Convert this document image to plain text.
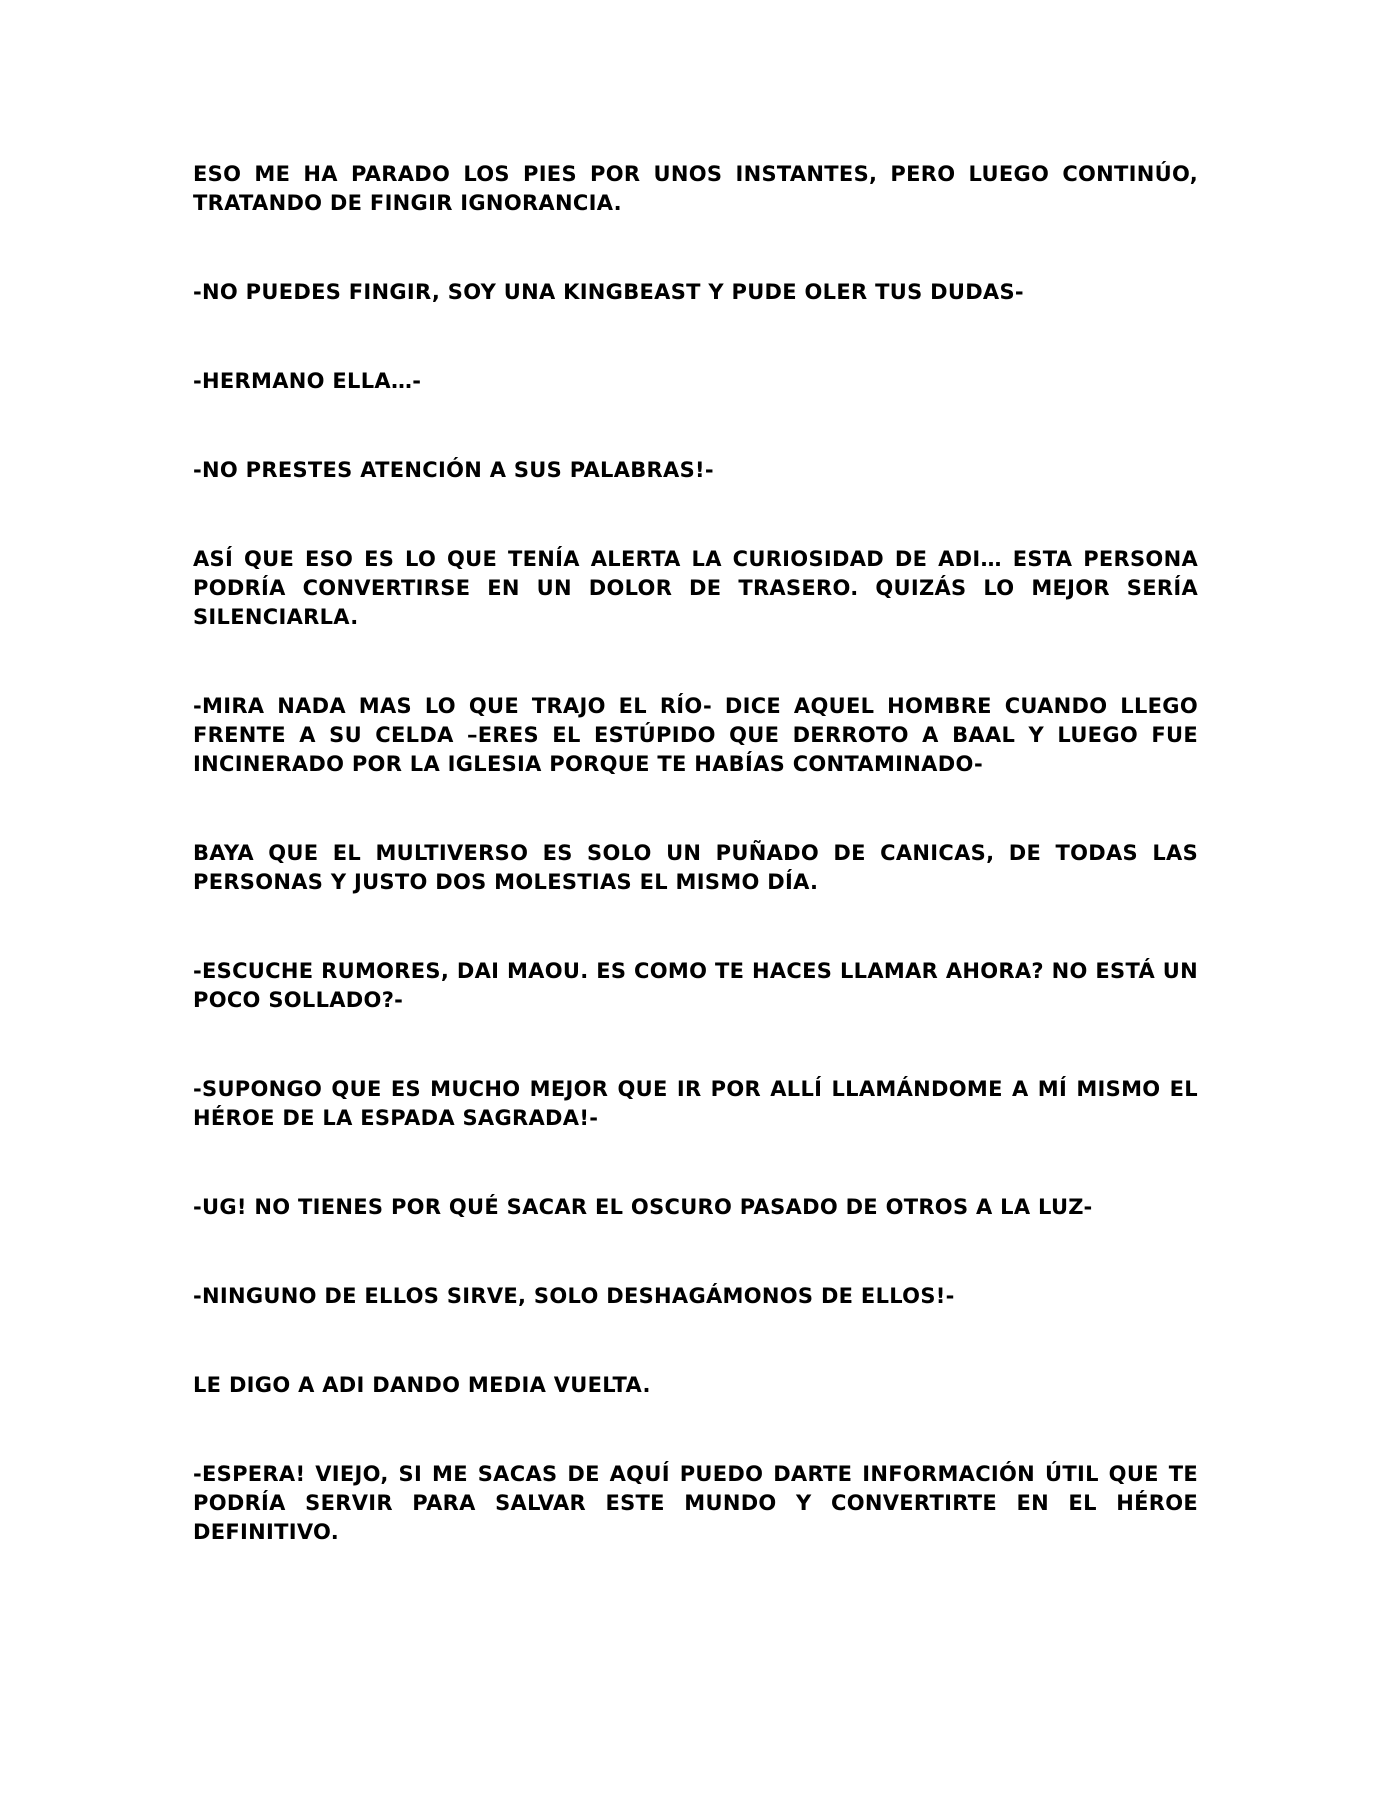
ESO ME HA PARADO LOS PIES POR UNOS INSTANTES, PERO LUEGO CONTINÚO, TRATANDO DE FINGIR IGNORANCIA.

-NO PUEDES FINGIR, SOY UNA KINGBEAST Y PUDE OLER TUS DUDAS-

-HERMANO ELLA…-

-NO PRESTES ATENCIÓN A SUS PALABRAS!-

ASÍ QUE ESO ES LO QUE TENÍA ALERTA LA CURIOSIDAD DE ADI… ESTA PERSONA PODRÍA CONVERTIRSE EN UN DOLOR DE TRASERO. QUIZÁS LO MEJOR SERÍA SILENCIARLA.

-MIRA NADA MAS LO QUE TRAJO EL RÍO- DICE AQUEL HOMBRE CUANDO LLEGO FRENTE A SU CELDA –ERES EL ESTÚPIDO QUE DERROTO A BAAL Y LUEGO FUE INCINERADO POR LA IGLESIA PORQUE TE HABÍAS CONTAMINADO-

BAYA QUE EL MULTIVERSO ES SOLO UN PUÑADO DE CANICAS, DE TODAS LAS PERSONAS Y JUSTO DOS MOLESTIAS EL MISMO DÍA.

-ESCUCHE RUMORES, DAI MAOU. ES COMO TE HACES LLAMAR AHORA? NO ESTÁ UN POCO SOLLADO?-

-SUPONGO QUE ES MUCHO MEJOR QUE IR POR ALLÍ LLAMÁNDOME A MÍ MISMO EL HÉROE DE LA ESPADA SAGRADA!-

-UG! NO TIENES POR QUÉ SACAR EL OSCURO PASADO DE OTROS A LA LUZ-

-NINGUNO DE ELLOS SIRVE, SOLO DESHAGÁMONOS DE ELLOS!-

LE DIGO A ADI DANDO MEDIA VUELTA.

-ESPERA! VIEJO, SI ME SACAS DE AQUÍ PUEDO DARTE INFORMACIÓN ÚTIL QUE TE PODRÍA SERVIR PARA SALVAR ESTE MUNDO Y CONVERTIRTE EN EL HÉROE DEFINITIVO.
